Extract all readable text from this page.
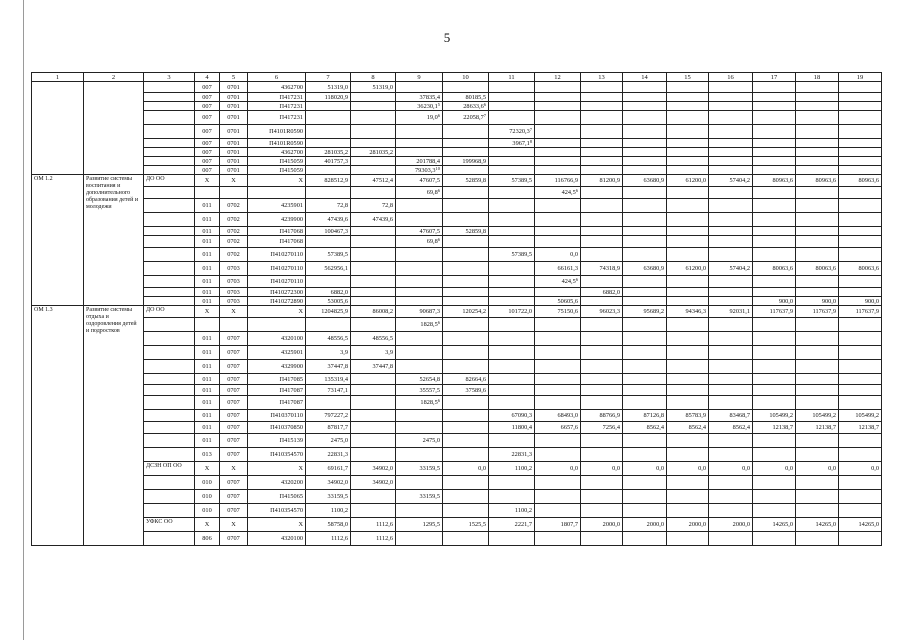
5
1	2	3	4	5	6	7	8	9	10	11	12	13	14	15	16	17	18	19
			007	0701	4362700	51319,0	51319,0											
			007	0701	П417231	118020,9		37835,4	80185,5									
			007	0701	П417231			36230,1$^5$	28633,6$^6$									
			007	0701	П417231			19,0$^6$	22058,7$^7$									
			007	0701	П4101R0590					72320,3$^7$								
			007	0701	П4101R0590					3967,1$^8$								
			007	0701	4362700	281035,2	281035,2											
			007	0701	П415059	401757,3		201788,4	199968,9									
			007	0701	П415059			79303,3$^{10}$										
ОМ 1.2	Развитие системы воспитания и дополнительного образования детей и молодежи	ДО ОО	Х	Х	Х	828512,9	47512,4	47607,5	52859,8	57389,5	116766,9	81200,9	63680,9	61200,0	57404,2	80963,6	80963,6	80963,6
								69,8$^6$			424,5$^6$							
			011	0702	4235901	72,8	72,8											
			011	0702	4239900	47439,6	47439,6											
			011	0702	П417068	100467,3		47607,5	52859,8									
			011	0702	П417068			69,8$^6$										
			011	0702	П410270110	57389,5				57389,5	0,0							
			011	0703	П410270110	562956,1					66161,3	74318,9	63680,9	61200,0	57404,2	80063,6	80063,6	80063,6
			011	0703	П410270110						424,5$^6$							
			011	0703	П410272300	6882,0						6882,0						
			011	0703	П410272890	53005,6					50605,6					900,0	900,0	900,0
ОМ 1.3	Развитие системы отдыха и оздоровления детей и подростков	ДО ОО	Х	Х	Х	1204825,9	86008,2	90687,3	120254,2	101722,0	75150,6	96023,3	95689,2	94346,3	92031,1	117637,9	117637,9	117637,9
								1828,5$^6$										
			011	0707	4320100	48556,5	48556,5											
			011	0707	4325901	3,9	3,9											
			011	0707	4329900	37447,8	37447,8											
			011	0707	П417085	135319,4		52654,8	82664,6									
			011	0707	П417087	73147,1		35557,5	37589,6									
			011	0707	П417087			1828,5$^6$										
			011	0707	П410370110	797227,2				67090,3	68493,0	88766,9	87126,8	85783,9	83468,7	105499,2	105499,2	105499,2
			011	0707	П410370850	87817,7				11800,4	6657,6	7256,4	8562,4	8562,4	8562,4	12138,7	12138,7	12138,7
			011	0707	П415139	2475,0		2475,0										
			013	0707	П410354570	22831,3				22831,3								
		ДСЗН ОП ОО	Х	Х	Х	69161,7	34902,0	33159,5	0,0	1100,2	0,0	0,0	0,0	0,0	0,0	0,0	0,0	0,0
			010	0707	4320200	34902,0	34902,0											
			010	0707	П415065	33159,5		33159,5										
			010	0707	П410354570	1100,2				1100,2								
		УФКС ОО	Х	Х	Х	58758,0	1112,6	1295,5	1525,5	2221,7	1807,7	2000,0	2000,0	2000,0	2000,0	14265,0	14265,0	14265,0
			806	0707	4320100	1112,6	1112,6											
